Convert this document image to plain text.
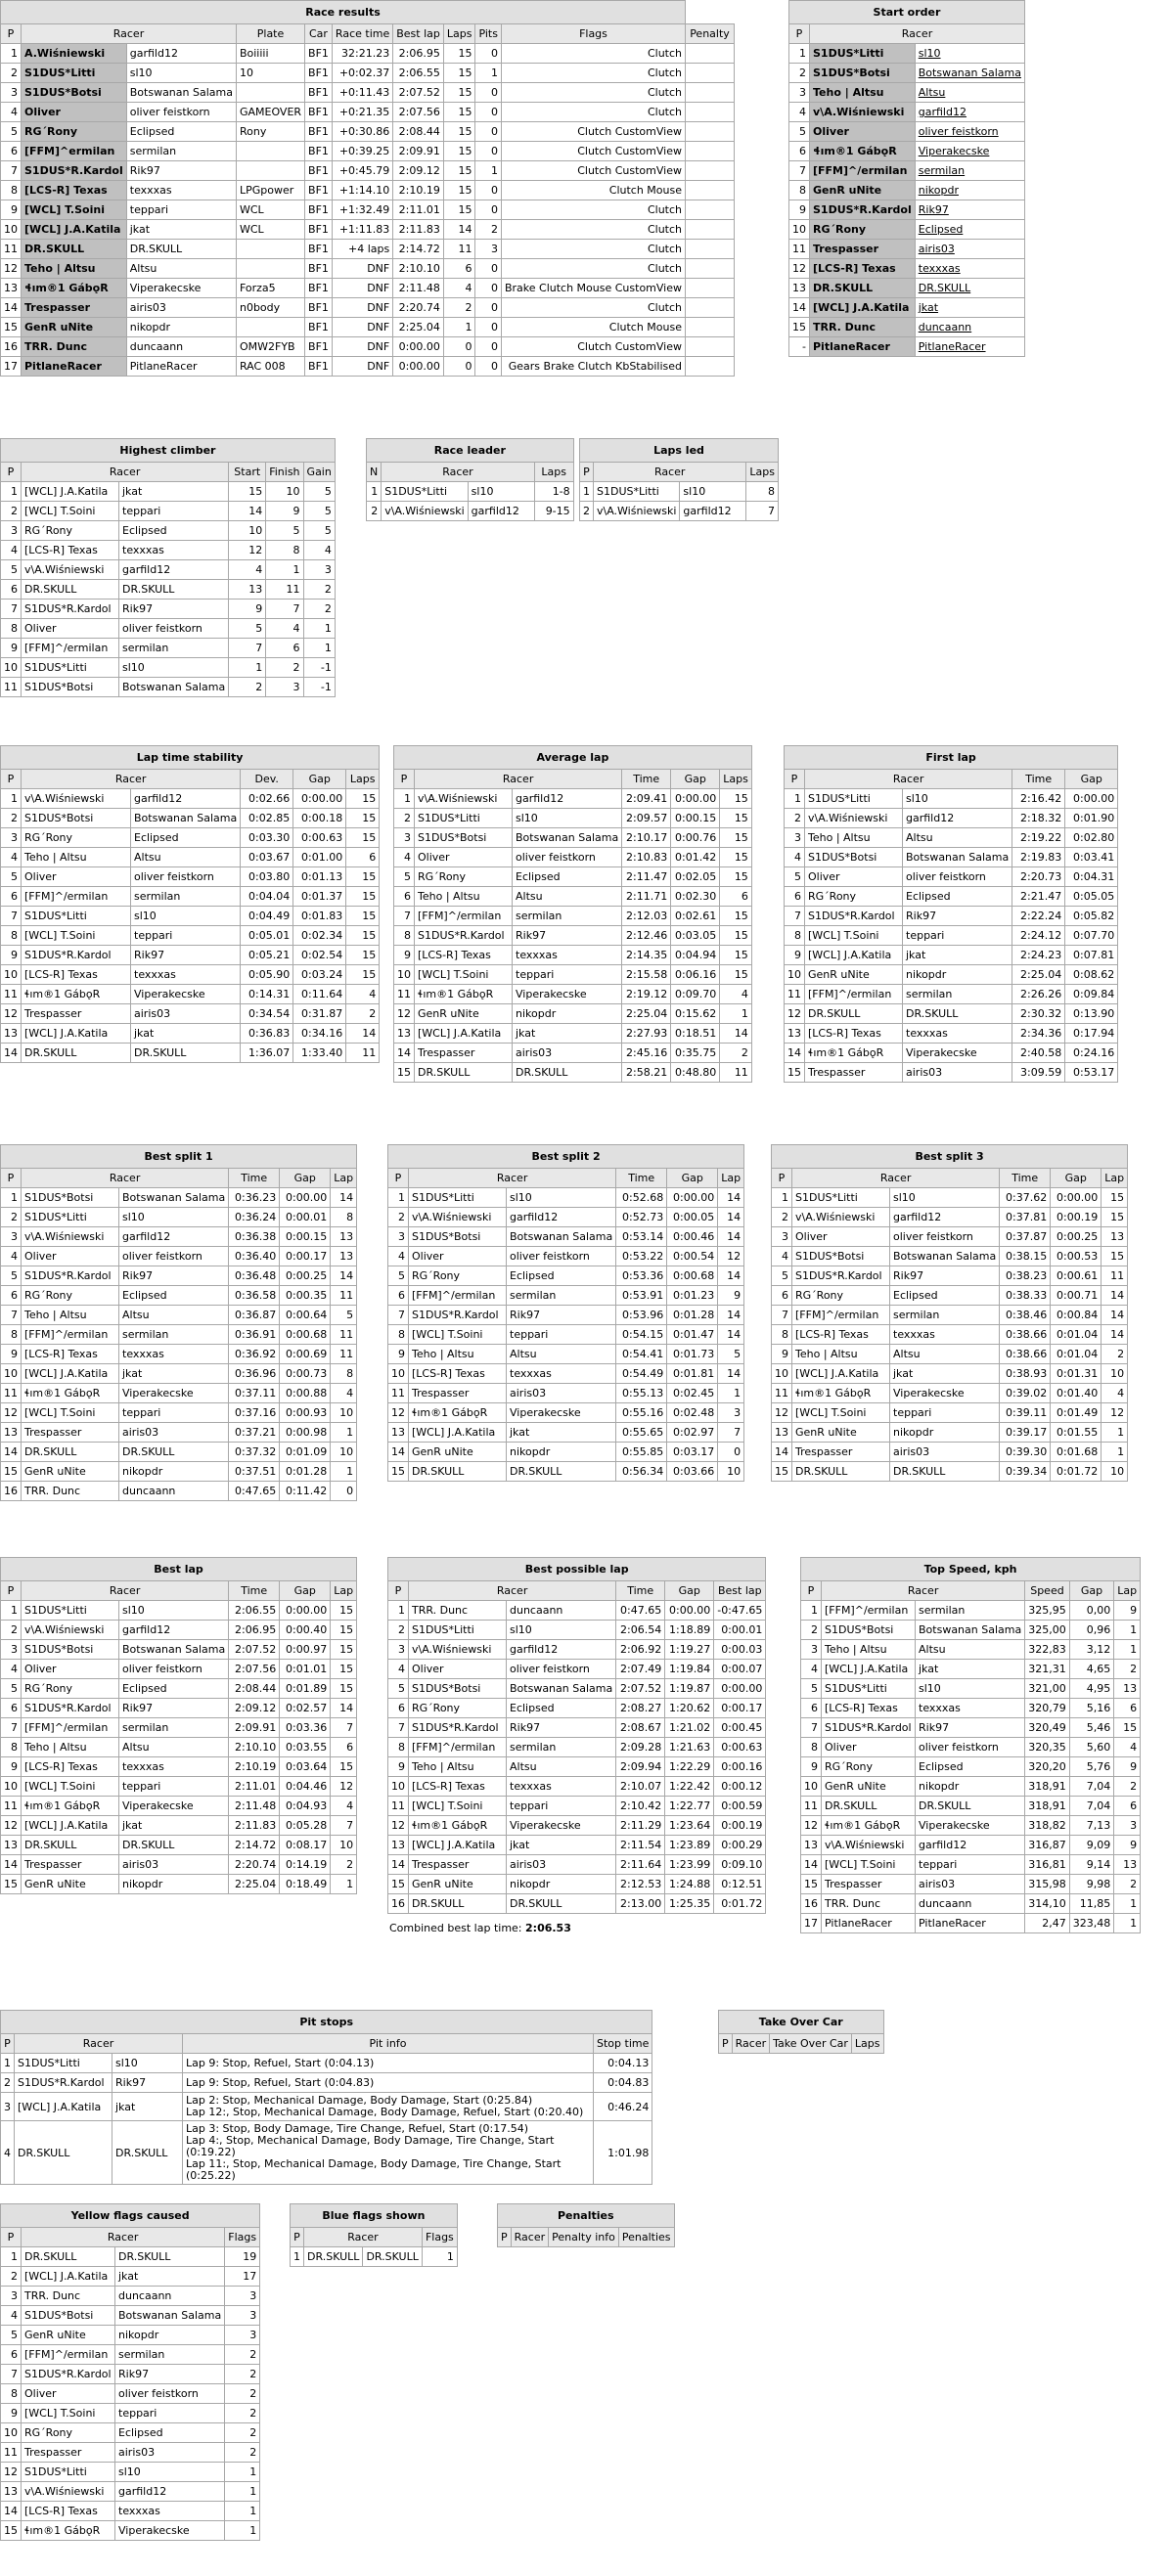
Race results										
P	Racer		Plate	Car	Race time	Best lap	Laps	Pits	Flags	Penalty
1	A.Wiśniewski	garfild12	Boiiiii	BF1	32:21.23	2:06.95	15	0	Clutch	
2	S1DUS*Litti	sl10	10	BF1	+0:02.37	2:06.55	15	1	Clutch	
3	S1DUS*Botsi	Botswanan Salama		BF1	+0:11.43	2:07.52	15	0	Clutch	
4	Oliver	oliver feistkorn	GAMEOVER	BF1	+0:21.35	2:07.56	15	0	Clutch	
5	RG´Rony	Eclipsed	Rony	BF1	+0:30.86	2:08.44	15	0	Clutch CustomView	
6	[FFM]^ermilan	sermilan		BF1	+0:39.25	2:09.91	15	0	Clutch CustomView	
7	S1DUS*R.Kardol	Rik97		BF1	+0:45.79	2:09.12	15	1	Clutch CustomView	
8	[LCS-R] Texas	texxxas	LPGpower	BF1	+1:14.10	2:10.19	15	0	Clutch Mouse	
9	[WCL] T.Soini	teppari	WCL	BF1	+1:32.49	2:11.01	15	0	Clutch	
10	[WCL] J.A.Katila	jkat	WCL	BF1	+1:11.83	2:11.83	14	2	Clutch	
11	DR.SKULL	DR.SKULL		BF1	+4 laps	2:14.72	11	3	Clutch	
12	Teho | Altsu	Altsu		BF1	DNF	2:10.10	6	0	Clutch	
13	ɬım®1 GábǫR	Viperakecske	Forza5	BF1	DNF	2:11.48	4	0	Brake Clutch Mouse CustomView	
14	Trespasser	airis03	n0body	BF1	DNF	2:20.74	2	0	Clutch	
15	GenR uNite	nikopdr		BF1	DNF	2:25.04	1	0	Clutch Mouse	
16	TRR. Dunc	duncaann	OMW2FYB	BF1	DNF	0:00.00	0	0	Clutch CustomView	
17	PitlaneRacer	PitlaneRacer	RAC 008	BF1	DNF	0:00.00	0	0	Gears Brake Clutch KbStabilised	
Start order		
P	Racer	
1	S1DUS*Litti	sl10
2	S1DUS*Botsi	Botswanan Salama
3	Teho | Altsu	Altsu
4	v\A.Wiśniewski	garfild12
5	Oliver	oliver feistkorn
6	ɬım®1 GábǫR	Viperakecske
7	[FFM]^/ermilan	sermilan
8	GenR uNite	nikopdr
9	S1DUS*R.Kardol	Rik97
10	RG´Rony	Eclipsed
11	Trespasser	airis03
12	[LCS-R] Texas	texxxas
13	DR.SKULL	DR.SKULL
14	[WCL] J.A.Katila	jkat
15	TRR. Dunc	duncaann
-	PitlaneRacer	PitlaneRacer
Highest climber					
P	Racer		Start	Finish	Gain
1	[WCL] J.A.Katila	jkat	15	10	5
2	[WCL] T.Soini	teppari	14	9	5
3	RG´Rony	Eclipsed	10	5	5
4	[LCS-R] Texas	texxxas	12	8	4
5	v\A.Wiśniewski	garfild12	4	1	3
6	DR.SKULL	DR.SKULL	13	11	2
7	S1DUS*R.Kardol	Rik97	9	7	2
8	Oliver	oliver feistkorn	5	4	1
9	[FFM]^/ermilan	sermilan	7	6	1
10	S1DUS*Litti	sl10	1	2	-1
11	S1DUS*Botsi	Botswanan Salama	2	3	-1
Race leader			
N	Racer		Laps
1	S1DUS*Litti	sl10	1-8
2	v\A.Wiśniewski	garfild12	9-15
Laps led			
P	Racer		Laps
1	S1DUS*Litti	sl10	8
2	v\A.Wiśniewski	garfild12	7
Lap time stability					
P	Racer		Dev.	Gap	Laps
1	v\A.Wiśniewski	garfild12	0:02.66	0:00.00	15
2	S1DUS*Botsi	Botswanan Salama	0:02.85	0:00.18	15
3	RG´Rony	Eclipsed	0:03.30	0:00.63	15
4	Teho | Altsu	Altsu	0:03.67	0:01.00	6
5	Oliver	oliver feistkorn	0:03.80	0:01.13	15
6	[FFM]^/ermilan	sermilan	0:04.04	0:01.37	15
7	S1DUS*Litti	sl10	0:04.49	0:01.83	15
8	[WCL] T.Soini	teppari	0:05.01	0:02.34	15
9	S1DUS*R.Kardol	Rik97	0:05.21	0:02.54	15
10	[LCS-R] Texas	texxxas	0:05.90	0:03.24	15
11	ɬım®1 GábǫR	Viperakecske	0:14.31	0:11.64	4
12	Trespasser	airis03	0:34.54	0:31.87	2
13	[WCL] J.A.Katila	jkat	0:36.83	0:34.16	14
14	DR.SKULL	DR.SKULL	1:36.07	1:33.40	11
Average lap					
P	Racer		Time	Gap	Laps
1	v\A.Wiśniewski	garfild12	2:09.41	0:00.00	15
2	S1DUS*Litti	sl10	2:09.57	0:00.15	15
3	S1DUS*Botsi	Botswanan Salama	2:10.17	0:00.76	15
4	Oliver	oliver feistkorn	2:10.83	0:01.42	15
5	RG´Rony	Eclipsed	2:11.47	0:02.05	15
6	Teho | Altsu	Altsu	2:11.71	0:02.30	6
7	[FFM]^/ermilan	sermilan	2:12.03	0:02.61	15
8	S1DUS*R.Kardol	Rik97	2:12.46	0:03.05	15
9	[LCS-R] Texas	texxxas	2:14.35	0:04.94	15
10	[WCL] T.Soini	teppari	2:15.58	0:06.16	15
11	ɬım®1 GábǫR	Viperakecske	2:19.12	0:09.70	4
12	GenR uNite	nikopdr	2:25.04	0:15.62	1
13	[WCL] J.A.Katila	jkat	2:27.93	0:18.51	14
14	Trespasser	airis03	2:45.16	0:35.75	2
15	DR.SKULL	DR.SKULL	2:58.21	0:48.80	11
First lap				
P	Racer		Time	Gap
1	S1DUS*Litti	sl10	2:16.42	0:00.00
2	v\A.Wiśniewski	garfild12	2:18.32	0:01.90
3	Teho | Altsu	Altsu	2:19.22	0:02.80
4	S1DUS*Botsi	Botswanan Salama	2:19.83	0:03.41
5	Oliver	oliver feistkorn	2:20.73	0:04.31
6	RG´Rony	Eclipsed	2:21.47	0:05.05
7	S1DUS*R.Kardol	Rik97	2:22.24	0:05.82
8	[WCL] T.Soini	teppari	2:24.12	0:07.70
9	[WCL] J.A.Katila	jkat	2:24.23	0:07.81
10	GenR uNite	nikopdr	2:25.04	0:08.62
11	[FFM]^/ermilan	sermilan	2:26.26	0:09.84
12	DR.SKULL	DR.SKULL	2:30.32	0:13.90
13	[LCS-R] Texas	texxxas	2:34.36	0:17.94
14	ɬım®1 GábǫR	Viperakecske	2:40.58	0:24.16
15	Trespasser	airis03	3:09.59	0:53.17
Best split 1					
P	Racer		Time	Gap	Lap
1	S1DUS*Botsi	Botswanan Salama	0:36.23	0:00.00	14
2	S1DUS*Litti	sl10	0:36.24	0:00.01	8
3	v\A.Wiśniewski	garfild12	0:36.38	0:00.15	13
4	Oliver	oliver feistkorn	0:36.40	0:00.17	13
5	S1DUS*R.Kardol	Rik97	0:36.48	0:00.25	14
6	RG´Rony	Eclipsed	0:36.58	0:00.35	11
7	Teho | Altsu	Altsu	0:36.87	0:00.64	5
8	[FFM]^/ermilan	sermilan	0:36.91	0:00.68	11
9	[LCS-R] Texas	texxxas	0:36.92	0:00.69	11
10	[WCL] J.A.Katila	jkat	0:36.96	0:00.73	8
11	ɬım®1 GábǫR	Viperakecske	0:37.11	0:00.88	4
12	[WCL] T.Soini	teppari	0:37.16	0:00.93	10
13	Trespasser	airis03	0:37.21	0:00.98	1
14	DR.SKULL	DR.SKULL	0:37.32	0:01.09	10
15	GenR uNite	nikopdr	0:37.51	0:01.28	1
16	TRR. Dunc	duncaann	0:47.65	0:11.42	0
Best split 2					
P	Racer		Time	Gap	Lap
1	S1DUS*Litti	sl10	0:52.68	0:00.00	14
2	v\A.Wiśniewski	garfild12	0:52.73	0:00.05	14
3	S1DUS*Botsi	Botswanan Salama	0:53.14	0:00.46	14
4	Oliver	oliver feistkorn	0:53.22	0:00.54	12
5	RG´Rony	Eclipsed	0:53.36	0:00.68	14
6	[FFM]^/ermilan	sermilan	0:53.91	0:01.23	9
7	S1DUS*R.Kardol	Rik97	0:53.96	0:01.28	14
8	[WCL] T.Soini	teppari	0:54.15	0:01.47	14
9	Teho | Altsu	Altsu	0:54.41	0:01.73	5
10	[LCS-R] Texas	texxxas	0:54.49	0:01.81	14
11	Trespasser	airis03	0:55.13	0:02.45	1
12	ɬım®1 GábǫR	Viperakecske	0:55.16	0:02.48	3
13	[WCL] J.A.Katila	jkat	0:55.65	0:02.97	7
14	GenR uNite	nikopdr	0:55.85	0:03.17	0
15	DR.SKULL	DR.SKULL	0:56.34	0:03.66	10
Best split 3					
P	Racer		Time	Gap	Lap
1	S1DUS*Litti	sl10	0:37.62	0:00.00	15
2	v\A.Wiśniewski	garfild12	0:37.81	0:00.19	15
3	Oliver	oliver feistkorn	0:37.87	0:00.25	13
4	S1DUS*Botsi	Botswanan Salama	0:38.15	0:00.53	15
5	S1DUS*R.Kardol	Rik97	0:38.23	0:00.61	11
6	RG´Rony	Eclipsed	0:38.33	0:00.71	14
7	[FFM]^/ermilan	sermilan	0:38.46	0:00.84	14
8	[LCS-R] Texas	texxxas	0:38.66	0:01.04	14
9	Teho | Altsu	Altsu	0:38.66	0:01.04	2
10	[WCL] J.A.Katila	jkat	0:38.93	0:01.31	10
11	ɬım®1 GábǫR	Viperakecske	0:39.02	0:01.40	4
12	[WCL] T.Soini	teppari	0:39.11	0:01.49	12
13	GenR uNite	nikopdr	0:39.17	0:01.55	1
14	Trespasser	airis03	0:39.30	0:01.68	1
15	DR.SKULL	DR.SKULL	0:39.34	0:01.72	10
Best lap					
P	Racer		Time	Gap	Lap
1	S1DUS*Litti	sl10	2:06.55	0:00.00	15
2	v\A.Wiśniewski	garfild12	2:06.95	0:00.40	15
3	S1DUS*Botsi	Botswanan Salama	2:07.52	0:00.97	15
4	Oliver	oliver feistkorn	2:07.56	0:01.01	15
5	RG´Rony	Eclipsed	2:08.44	0:01.89	15
6	S1DUS*R.Kardol	Rik97	2:09.12	0:02.57	14
7	[FFM]^/ermilan	sermilan	2:09.91	0:03.36	7
8	Teho | Altsu	Altsu	2:10.10	0:03.55	6
9	[LCS-R] Texas	texxxas	2:10.19	0:03.64	15
10	[WCL] T.Soini	teppari	2:11.01	0:04.46	12
11	ɬım®1 GábǫR	Viperakecske	2:11.48	0:04.93	4
12	[WCL] J.A.Katila	jkat	2:11.83	0:05.28	7
13	DR.SKULL	DR.SKULL	2:14.72	0:08.17	10
14	Trespasser	airis03	2:20.74	0:14.19	2
15	GenR uNite	nikopdr	2:25.04	0:18.49	1
Best possible lap					
P	Racer		Time	Gap	Best lap
1	TRR. Dunc	duncaann	0:47.65	0:00.00	-0:47.65
2	S1DUS*Litti	sl10	2:06.54	1:18.89	0:00.01
3	v\A.Wiśniewski	garfild12	2:06.92	1:19.27	0:00.03
4	Oliver	oliver feistkorn	2:07.49	1:19.84	0:00.07
5	S1DUS*Botsi	Botswanan Salama	2:07.52	1:19.87	0:00.00
6	RG´Rony	Eclipsed	2:08.27	1:20.62	0:00.17
7	S1DUS*R.Kardol	Rik97	2:08.67	1:21.02	0:00.45
8	[FFM]^/ermilan	sermilan	2:09.28	1:21.63	0:00.63
9	Teho | Altsu	Altsu	2:09.94	1:22.29	0:00.16
10	[LCS-R] Texas	texxxas	2:10.07	1:22.42	0:00.12
11	[WCL] T.Soini	teppari	2:10.42	1:22.77	0:00.59
12	ɬım®1 GábǫR	Viperakecske	2:11.29	1:23.64	0:00.19
13	[WCL] J.A.Katila	jkat	2:11.54	1:23.89	0:00.29
14	Trespasser	airis03	2:11.64	1:23.99	0:09.10
15	GenR uNite	nikopdr	2:12.53	1:24.88	0:12.51
16	DR.SKULL	DR.SKULL	2:13.00	1:25.35	0:01.72
Combined best lap time: 2:06.53
Top Speed, kph					
P	Racer		Speed	Gap	Lap
1	[FFM]^/ermilan	sermilan	325,95	0,00	9
2	S1DUS*Botsi	Botswanan Salama	325,00	0,96	1
3	Teho | Altsu	Altsu	322,83	3,12	1
4	[WCL] J.A.Katila	jkat	321,31	4,65	2
5	S1DUS*Litti	sl10	321,00	4,95	13
6	[LCS-R] Texas	texxxas	320,79	5,16	6
7	S1DUS*R.Kardol	Rik97	320,49	5,46	15
8	Oliver	oliver feistkorn	320,35	5,60	4
9	RG´Rony	Eclipsed	320,20	5,76	9
10	GenR uNite	nikopdr	318,91	7,04	2
11	DR.SKULL	DR.SKULL	318,91	7,04	6
12	ɬım®1 GábǫR	Viperakecske	318,82	7,13	3
13	v\A.Wiśniewski	garfild12	316,87	9,09	9
14	[WCL] T.Soini	teppari	316,81	9,14	13
15	Trespasser	airis03	315,98	9,98	2
16	TRR. Dunc	duncaann	314,10	11,85	1
17	PitlaneRacer	PitlaneRacer	2,47	323,48	1
Pit stops				
P	Racer		Pit info	Stop time
1	S1DUS*Litti	sl10	Lap 9: Stop, Refuel, Start (0:04.13)	0:04.13
2	S1DUS*R.Kardol	Rik97	Lap 9: Stop, Refuel, Start (0:04.83)	0:04.83
3	[WCL] J.A.Katila	jkat	Lap 2: Stop, Mechanical Damage, Body Damage, Start (0:25.84)
Lap 12:, Stop, Mechanical Damage, Body Damage, Refuel, Start (0:20.40)	0:46.24
4	DR.SKULL	DR.SKULL	Lap 3: Stop, Body Damage, Tire Change, Refuel, Start (0:17.54)
Lap 4:, Stop, Mechanical Damage, Body Damage, Tire Change, Start (0:19.22)
Lap 11:, Stop, Mechanical Damage, Body Damage, Tire Change, Start (0:25.22)	1:01.98
Take Over Car
P	Racer	Take Over Car	Laps
Yellow flags caused			
P	Racer		Flags
1	DR.SKULL	DR.SKULL	19
2	[WCL] J.A.Katila	jkat	17
3	TRR. Dunc	duncaann	3
4	S1DUS*Botsi	Botswanan Salama	3
5	GenR uNite	nikopdr	3
6	[FFM]^/ermilan	sermilan	2
7	S1DUS*R.Kardol	Rik97	2
8	Oliver	oliver feistkorn	2
9	[WCL] T.Soini	teppari	2
10	RG´Rony	Eclipsed	2
11	Trespasser	airis03	2
12	S1DUS*Litti	sl10	1
13	v\A.Wiśniewski	garfild12	1
14	[LCS-R] Texas	texxxas	1
15	ɬım®1 GábǫR	Viperakecske	1
Blue flags shown			
P	Racer		Flags
1	DR.SKULL	DR.SKULL	1
Penalties
P	Racer	Penalty info	Penalties
